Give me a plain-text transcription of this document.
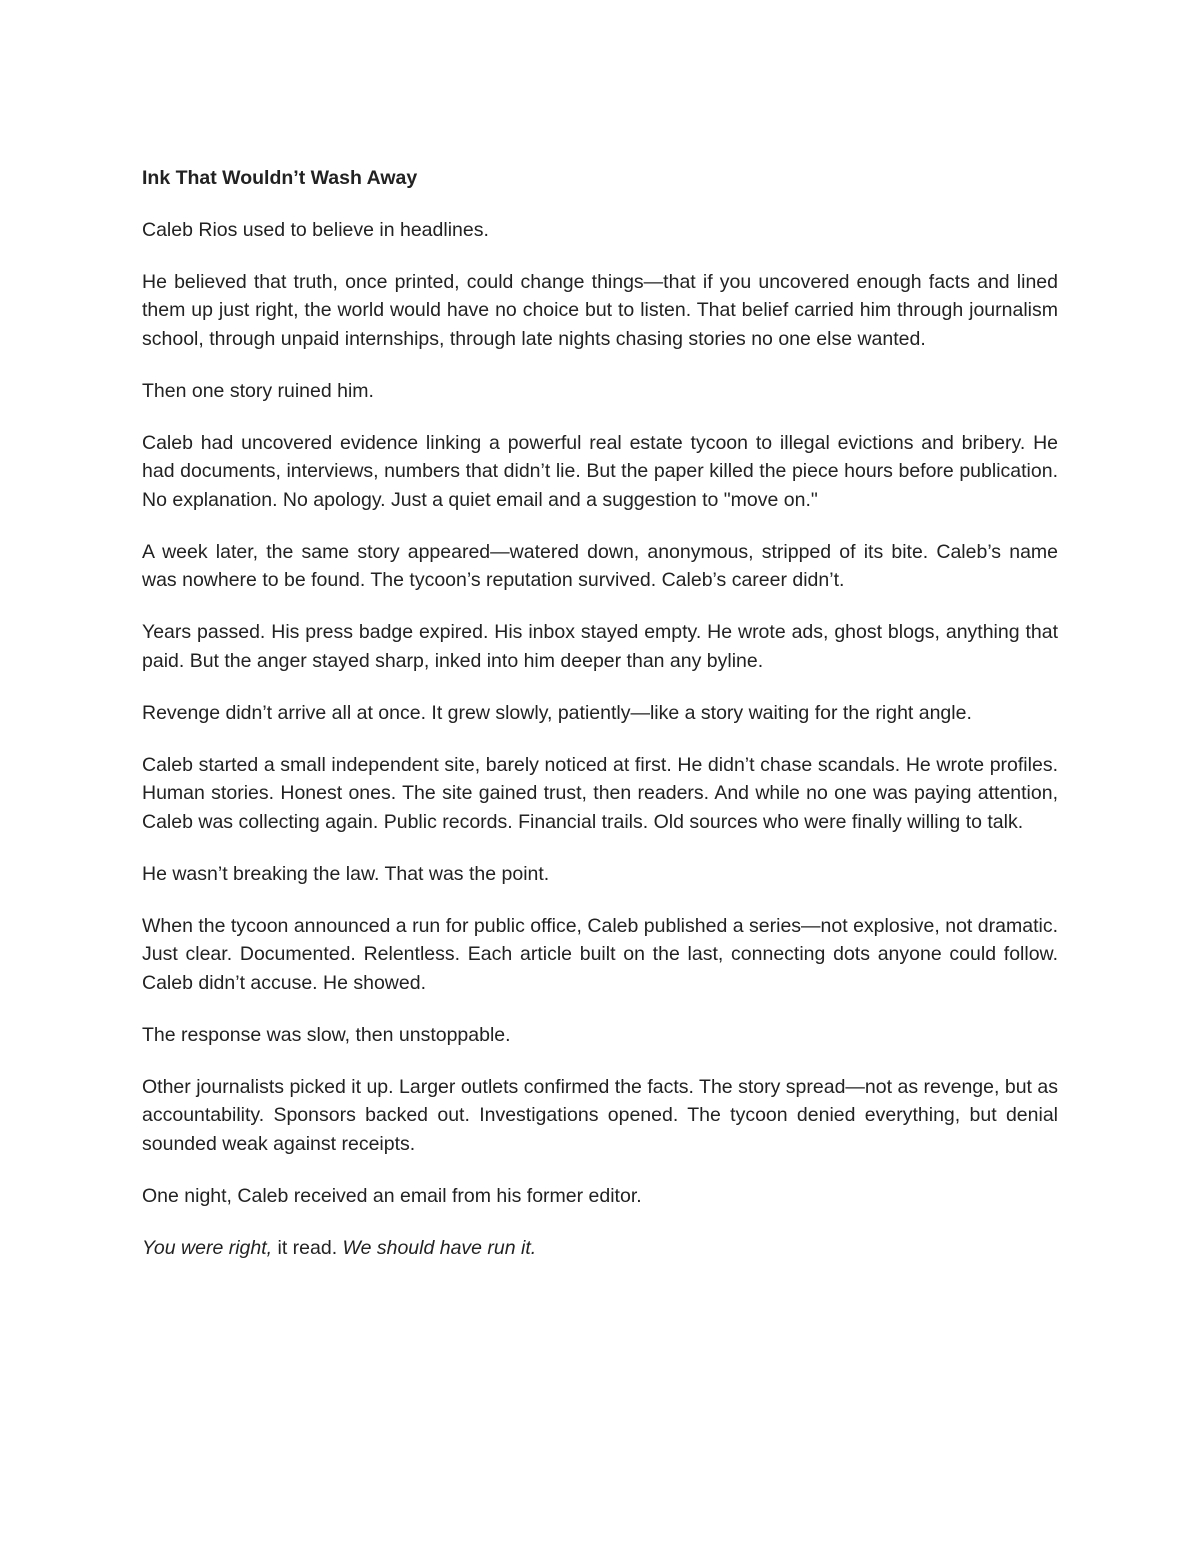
Ink That Wouldn’t Wash Away

Caleb Rios used to believe in headlines.

He believed that truth, once printed, could change things—that if you uncovered enough facts and lined them up just right, the world would have no choice but to listen. That belief carried him through journalism school, through unpaid internships, through late nights chasing stories no one else wanted.

Then one story ruined him.

Caleb had uncovered evidence linking a powerful real estate tycoon to illegal evictions and bribery. He had documents, interviews, numbers that didn’t lie. But the paper killed the piece hours before publication. No explanation. No apology. Just a quiet email and a suggestion to "move on."

A week later, the same story appeared—watered down, anonymous, stripped of its bite. Caleb’s name was nowhere to be found. The tycoon’s reputation survived. Caleb’s career didn’t.

Years passed. His press badge expired. His inbox stayed empty. He wrote ads, ghost blogs, anything that paid. But the anger stayed sharp, inked into him deeper than any byline.

Revenge didn’t arrive all at once. It grew slowly, patiently—like a story waiting for the right angle.

Caleb started a small independent site, barely noticed at first. He didn’t chase scandals. He wrote profiles. Human stories. Honest ones. The site gained trust, then readers. And while no one was paying attention, Caleb was collecting again. Public records. Financial trails. Old sources who were finally willing to talk.

He wasn’t breaking the law. That was the point.

When the tycoon announced a run for public office, Caleb published a series—not explosive, not dramatic. Just clear. Documented. Relentless. Each article built on the last, connecting dots anyone could follow. Caleb didn’t accuse. He showed.

The response was slow, then unstoppable.

Other journalists picked it up. Larger outlets confirmed the facts. The story spread—not as revenge, but as accountability. Sponsors backed out. Investigations opened. The tycoon denied everything, but denial sounded weak against receipts.

One night, Caleb received an email from his former editor.

You were right, it read. We should have run it.
